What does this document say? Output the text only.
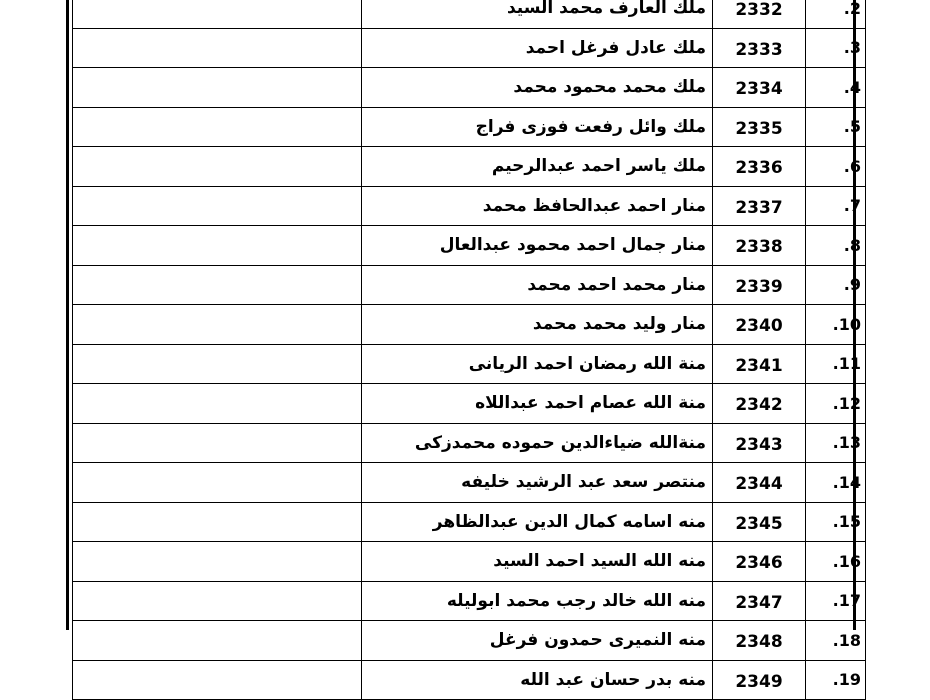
	ملك العارف محمد السيد	2332	.2
	ملك عادل فرغل احمد	2333	.3
	ملك محمد محمود محمد	2334	.4
	ملك وائل رفعت فوزى فراج	2335	.5
	ملك ياسر احمد عبدالرحيم	2336	.6
	منار احمد عبدالحافظ محمد	2337	.7
	منار جمال احمد محمود عبدالعال	2338	.8
	منار محمد احمد محمد	2339	.9
	منار وليد محمد محمد	2340	.10
	منة الله رمضان احمد الريانى	2341	.11
	منة الله عصام احمد عبداللاه	2342	.12
	منةالله ضياءالدين حموده محمدزكى	2343	.13
	منتصر سعد عبد الرشيد خليفه	2344	.14
	منه اسامه كمال الدين عبدالظاهر	2345	.15
	منه الله السيد احمد السيد	2346	.16
	منه الله خالد رجب محمد ابوليله	2347	.17
	منه النميرى حمدون فرغل	2348	.18
	منه بدر حسان عبد الله	2349	.19
